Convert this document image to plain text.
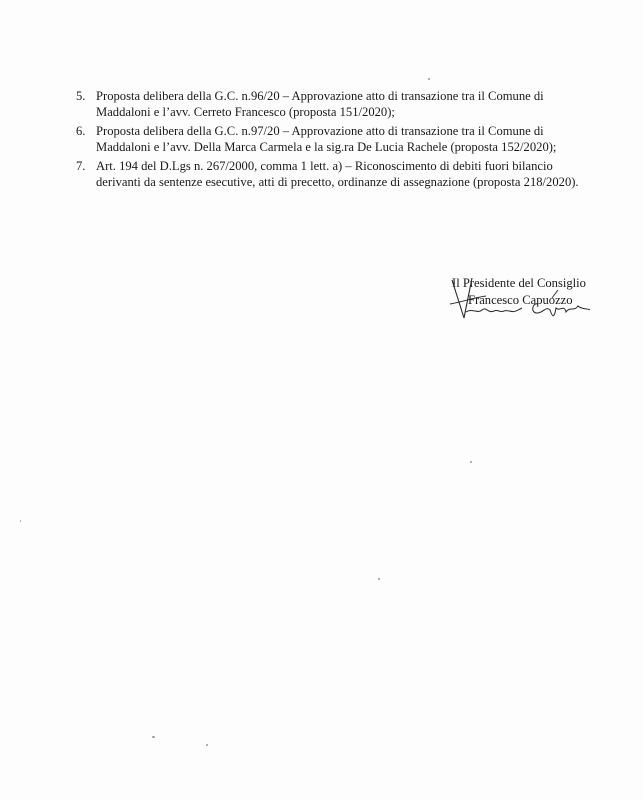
5. Proposta delibera della G.C. n.96/20 – Approvazione atto di transazione tra il Comune di Maddaloni e l’avv. Cerreto Francesco (proposta 151/2020);
6. Proposta delibera della G.C. n.97/20 – Approvazione atto di transazione tra il Comune di Maddaloni e l’avv. Della Marca Carmela e la sig.ra De Lucia Rachele (proposta 152/2020);
7. Art. 194 del D.Lgs n. 267/2000, comma 1 lett. a) – Riconoscimento di debiti fuori bilancio derivanti da sentenze esecutive, atti di precetto, ordinanze di assegnazione (proposta 218/2020).
Il Presidente del Consiglio
Francesco Capuozzo
